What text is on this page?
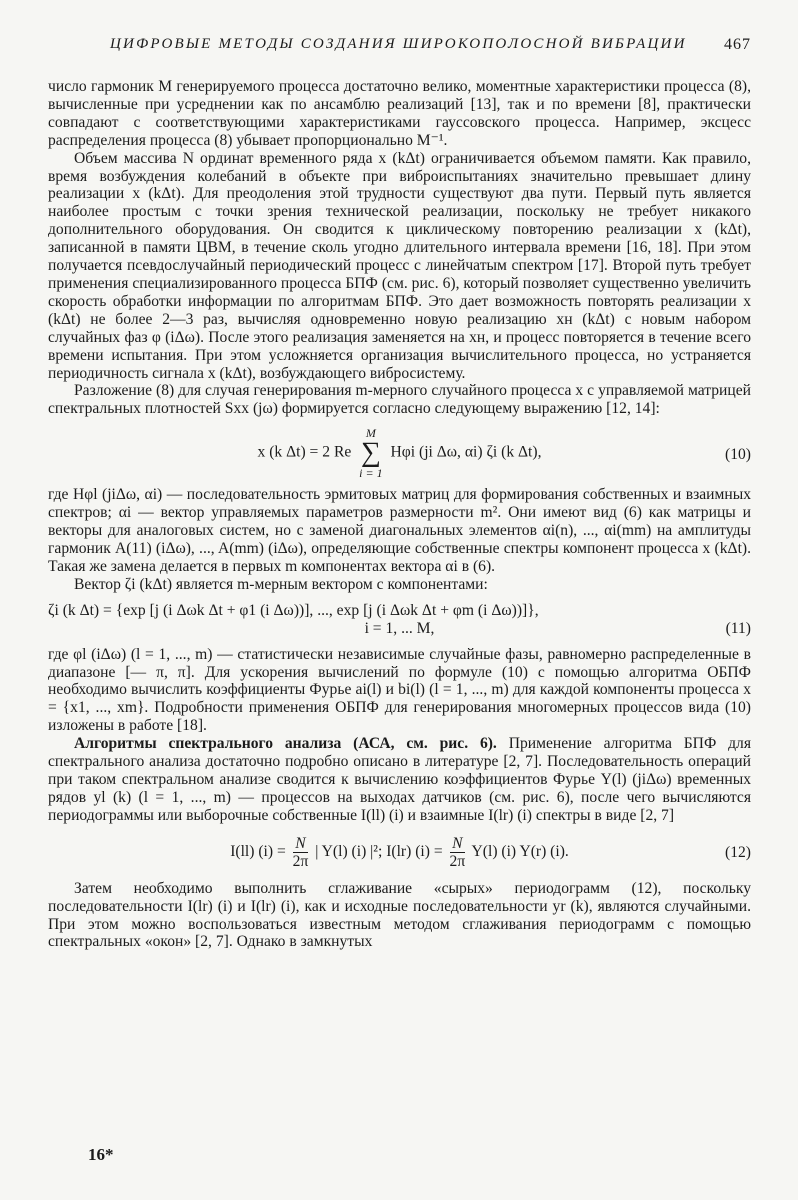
ЦИФРОВЫЕ МЕТОДЫ СОЗДАНИЯ ШИРОКОПОЛОСНОЙ ВИБРАЦИИ 467

число гармоник M генерируемого процесса достаточно велико, моментные характеристики процесса (8), вычисленные при усреднении как по ансамблю реализаций [13], так и по времени [8], практически совпадают с соответствующими характеристиками гауссовского процесса. Например, эксцесс распределения процесса (8) убывает пропорционально M⁻¹.

Объем массива N ординат временного ряда x (kΔt) ограничивается объемом памяти. Как правило, время возбуждения колебаний в объекте при виброиспытаниях значительно превышает длину реализации x (kΔt). Для преодоления этой трудности существуют два пути. Первый путь является наиболее простым с точки зрения технической реализации, поскольку не требует никакого дополнительного оборудования. Он сводится к циклическому повторению реализации x (kΔt), записанной в памяти ЦВМ, в течение сколь угодно длительного интервала времени [16, 18]. При этом получается псевдослучайный периодический процесс с линейчатым спектром [17]. Второй путь требует применения специализированного процесса БПФ (см. рис. 6), который позволяет существенно увеличить скорость обработки информации по алгоритмам БПФ. Это дает возможность повторять реализации x (kΔt) не более 2—3 раз, вычисляя одновременно новую реализацию xн (kΔt) с новым набором случайных фаз φ (iΔω). После этого реализация заменяется на xн, и процесс повторяется в течение всего времени испытания. При этом усложняется организация вычислительного процесса, но устраняется периодичность сигнала x (kΔt), возбуждающего вибросистему.

Разложение (8) для случая генерирования m-мерного случайного процесса x с управляемой матрицей спектральных плотностей Sxx (jω) формируется согласно следующему выражению [12, 14]:

x (k Δt) = 2 Re
M
∑
i = 1
Hφi (ji Δω, αi) ζi (k Δt),	(10)

где Hφl (jiΔω, αi) — последовательность эрмитовых матриц для формирования собственных и взаимных спектров; αi — вектор управляемых параметров размерности m². Они имеют вид (6) как матрицы и векторы для аналоговых систем, но с заменой диагональных элементов αi(n), ..., αi(mm) на амплитуды гармоник A(11) (iΔω), ..., A(mm) (iΔω), определяющие собственные спектры компонент процесса x (kΔt). Такая же замена делается в первых m компонентах вектора αi в (6).

Вектор ζi (kΔt) является m-мерным вектором с компонентами:

ζi (k Δt) = {exp [j (i Δωk Δt + φ1 (i Δω))], ..., exp [j (i Δωk Δt + φm (i Δω))]},
i = 1, ... M,	(11)

где φl (iΔω) (l = 1, ..., m) — статистически независимые случайные фазы, равномерно распределенные в диапазоне [— π, π]. Для ускорения вычислений по формуле (10) с помощью алгоритма ОБПФ необходимо вычислить коэффициенты Фурье ai(l) и bi(l) (l = 1, ..., m) для каждой компоненты процесса x = {x1, ..., xm}. Подробности применения ОБПФ для генерирования многомерных процессов вида (10) изложены в работе [18].

Алгоритмы спектрального анализа (АСА, см. рис. 6). Применение алгоритма БПФ для спектрального анализа достаточно подробно описано в литературе [2, 7]. Последовательность операций при таком спектральном анализе сводится к вычислению коэффициентов Фурье Y(l) (jiΔω) временных рядов yl (k) (l = 1, ..., m) — процессов на выходах датчиков (см. рис. 6), после чего вычисляются периодограммы или выборочные собственные I(ll) (i) и взаимные I(lr) (i) спектры в виде [2, 7]

I(ll) $(i) = \frac{N}{2\pi}$ | Y(l) (i) |²; I(lr) $(i) = \frac{N}{2\pi} Y(l)$ (i) Y(r) (i).	(12)

Затем необходимо выполнить сглаживание «сырых» периодограмм (12), поскольку последовательности I(lr) (i) и I(lr) (i), как и исходные последовательности yr (k), являются случайными. При этом можно воспользоваться известным методом сглаживания периодограмм с помощью спектральных «окон» [2, 7]. Однако в замкнутых

16*
